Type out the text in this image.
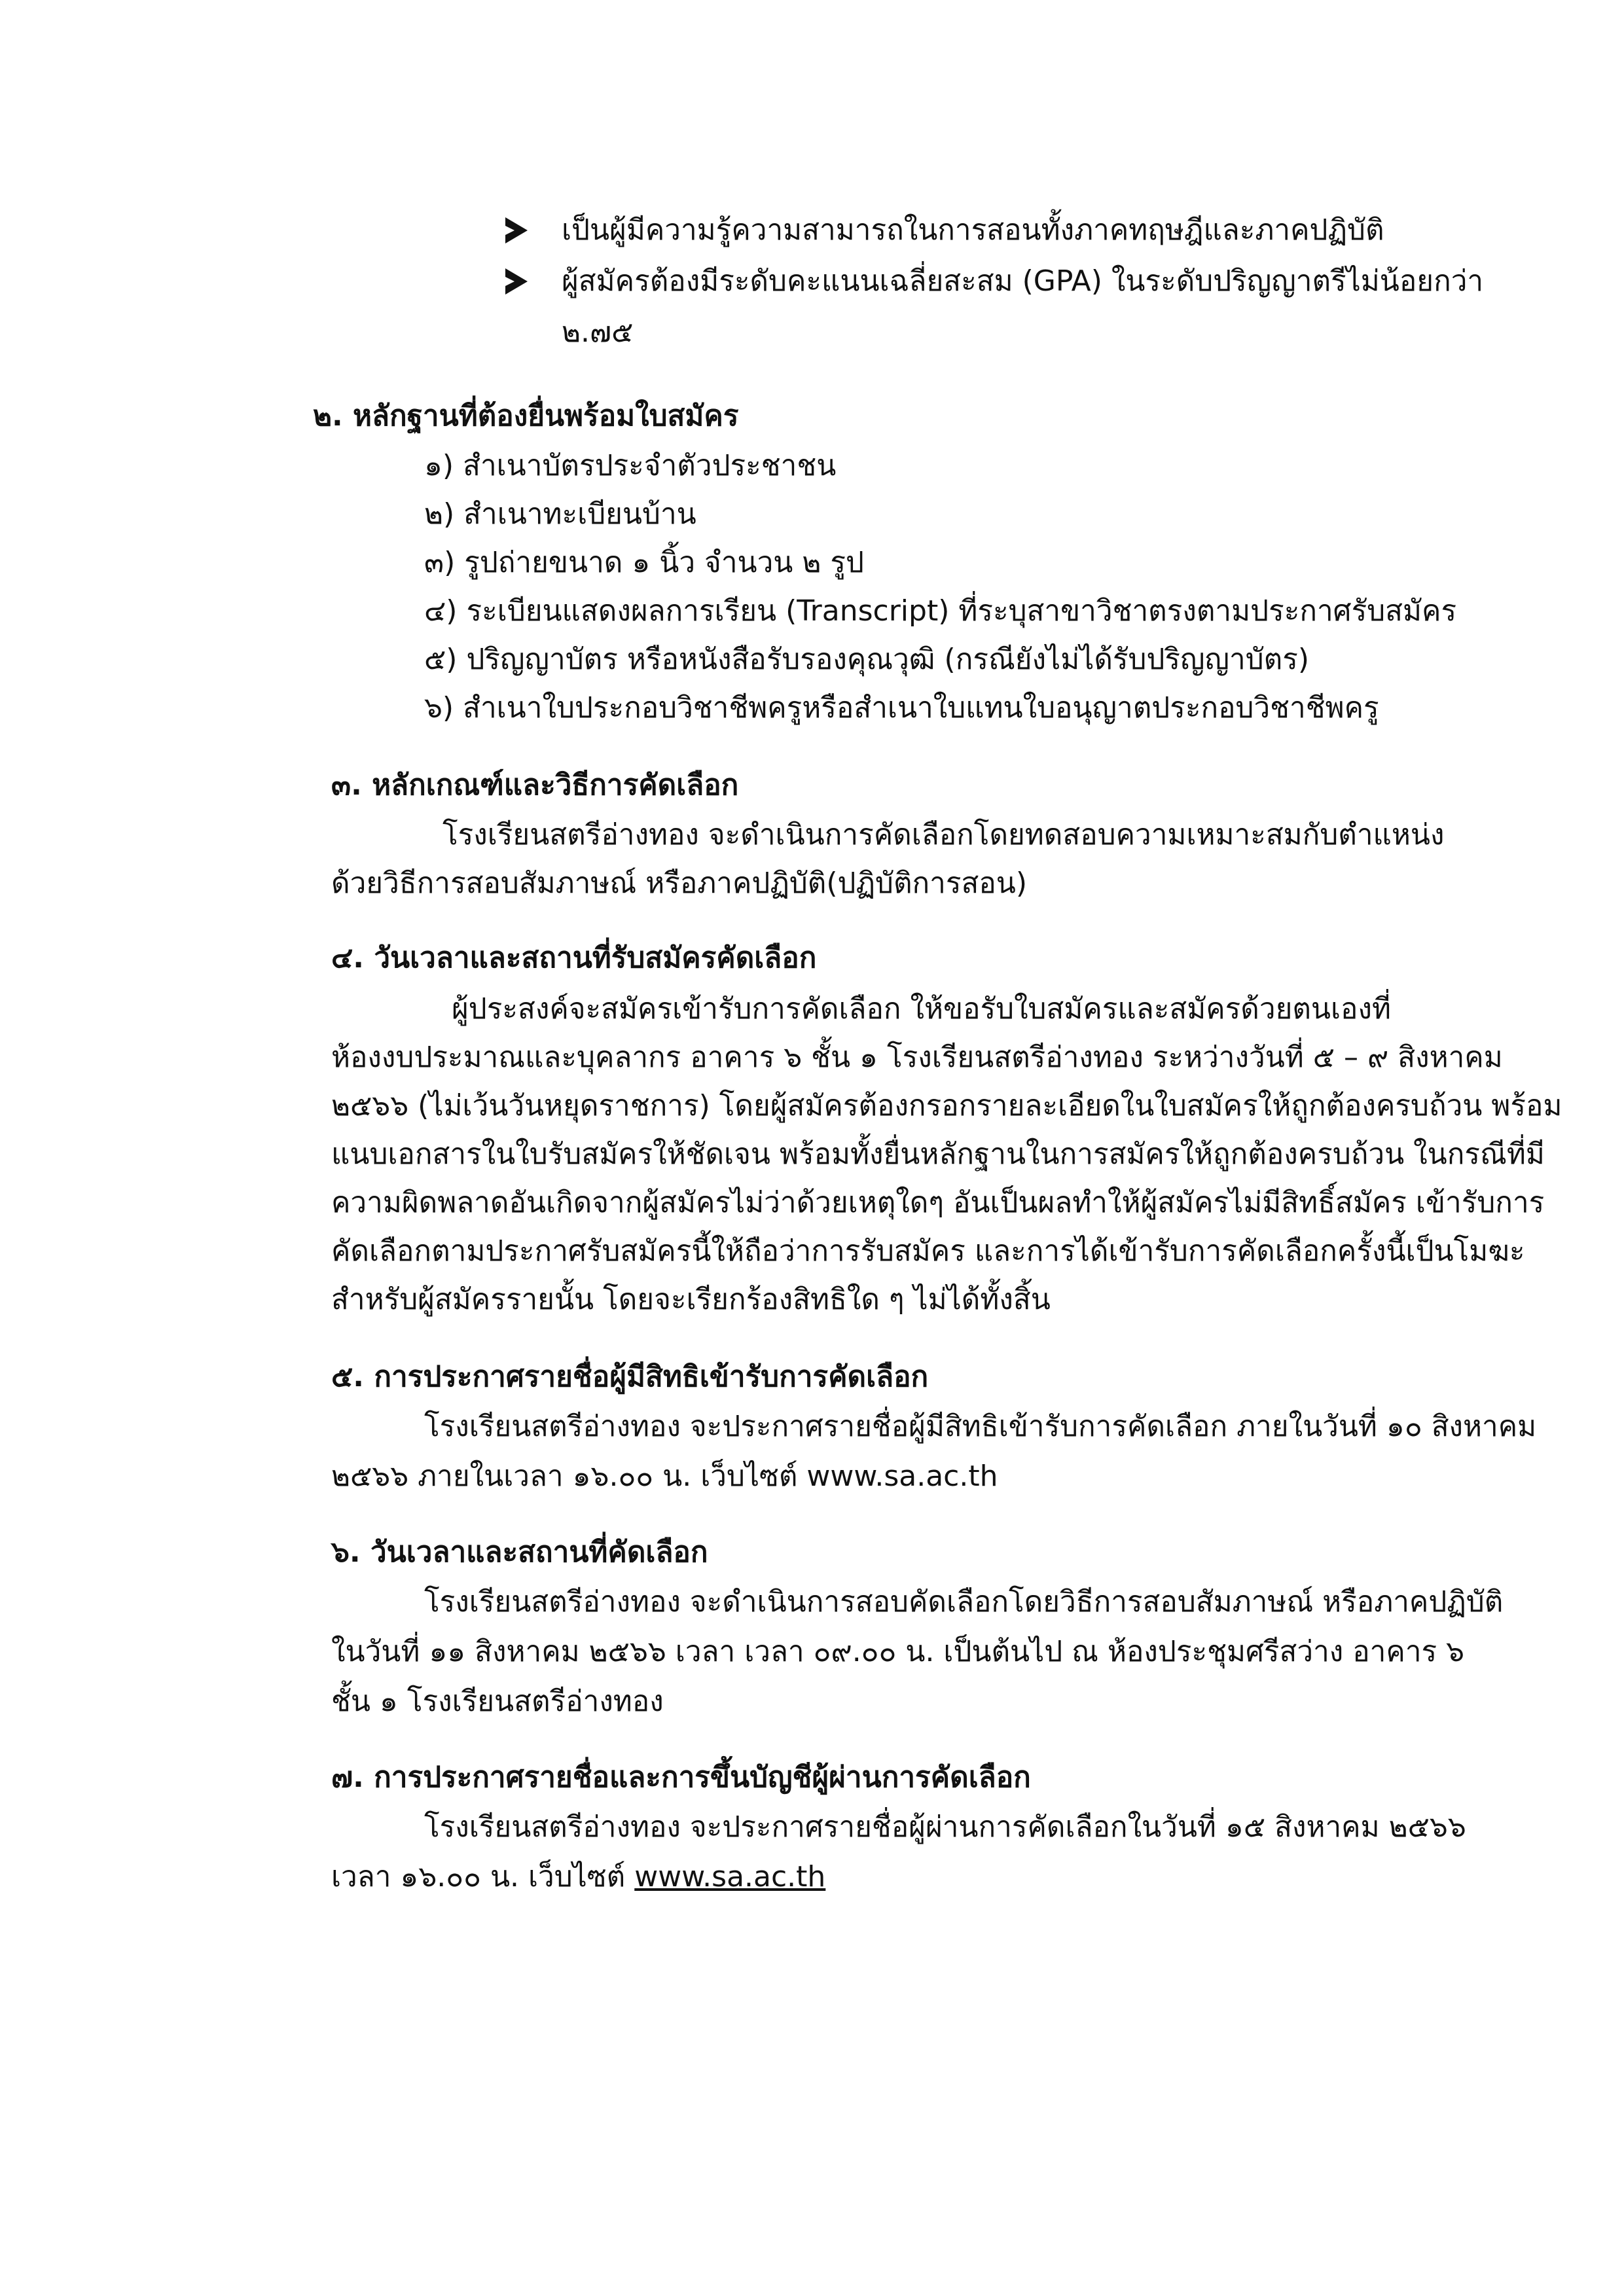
เป็นผู้มีความรู้ความสามารถในการสอนทั้งภาคทฤษฎีและภาคปฏิบัติ
ผู้สมัครต้องมีระดับคะแนนเฉลี่ยสะสม (GPA) ในระดับปริญญาตรีไม่น้อยกว่า
๒.๗๕
๒. หลักฐานที่ต้องยื่นพร้อมใบสมัคร
๑) สำเนาบัตรประจำตัวประชาชน
๒) สำเนาทะเบียนบ้าน
๓) รูปถ่ายขนาด ๑ นิ้ว จำนวน ๒ รูป
๔) ระเบียนแสดงผลการเรียน (Transcript) ที่ระบุสาขาวิชาตรงตามประกาศรับสมัคร
๕) ปริญญาบัตร หรือหนังสือรับรองคุณวุฒิ (กรณียังไม่ได้รับปริญญาบัตร)
๖) สำเนาใบประกอบวิชาชีพครูหรือสำเนาใบแทนใบอนุญาตประกอบวิชาชีพครู
๓. หลักเกณฑ์และวิธีการคัดเลือก
โรงเรียนสตรีอ่างทอง จะดำเนินการคัดเลือกโดยทดสอบความเหมาะสมกับตำแหน่ง
ด้วยวิธีการสอบสัมภาษณ์ หรือภาคปฏิบัติ(ปฏิบัติการสอน)
๔. วันเวลาและสถานที่รับสมัครคัดเลือก
ผู้ประสงค์จะสมัครเข้ารับการคัดเลือก ให้ขอรับใบสมัครและสมัครด้วยตนเองที่
ห้องงบประมาณและบุคลากร อาคาร ๖ ชั้น ๑ โรงเรียนสตรีอ่างทอง ระหว่างวันที่ ๕ – ๙ สิงหาคม
๒๕๖๖ (ไม่เว้นวันหยุดราชการ) โดยผู้สมัครต้องกรอกรายละเอียดในใบสมัครให้ถูกต้องครบถ้วน พร้อม
แนบเอกสารในใบรับสมัครให้ชัดเจน พร้อมทั้งยื่นหลักฐานในการสมัครให้ถูกต้องครบถ้วน ในกรณีที่มี
ความผิดพลาดอันเกิดจากผู้สมัครไม่ว่าด้วยเหตุใดๆ อันเป็นผลทำให้ผู้สมัครไม่มีสิทธิ์สมัคร เข้ารับการ
คัดเลือกตามประกาศรับสมัครนี้ให้ถือว่าการรับสมัคร และการได้เข้ารับการคัดเลือกครั้งนี้เป็นโมฆะ
สำหรับผู้สมัครรายนั้น โดยจะเรียกร้องสิทธิใด ๆ ไม่ได้ทั้งสิ้น
๕. การประกาศรายชื่อผู้มีสิทธิเข้ารับการคัดเลือก
โรงเรียนสตรีอ่างทอง จะประกาศรายชื่อผู้มีสิทธิเข้ารับการคัดเลือก ภายในวันที่ ๑๐ สิงหาคม
๒๕๖๖ ภายในเวลา ๑๖.๐๐ น. เว็บไซต์ www.sa.ac.th
๖. วันเวลาและสถานที่คัดเลือก
โรงเรียนสตรีอ่างทอง จะดำเนินการสอบคัดเลือกโดยวิธีการสอบสัมภาษณ์ หรือภาคปฏิบัติ
ในวันที่ ๑๑ สิงหาคม ๒๕๖๖ เวลา เวลา ๐๙.๐๐ น. เป็นต้นไป ณ ห้องประชุมศรีสว่าง อาคาร ๖
ชั้น ๑ โรงเรียนสตรีอ่างทอง
๗. การประกาศรายชื่อและการขึ้นบัญชีผู้ผ่านการคัดเลือก
โรงเรียนสตรีอ่างทอง จะประกาศรายชื่อผู้ผ่านการคัดเลือกในวันที่ ๑๕ สิงหาคม ๒๕๖๖
เวลา ๑๖.๐๐ น. เว็บไซต์ www.sa.ac.th
